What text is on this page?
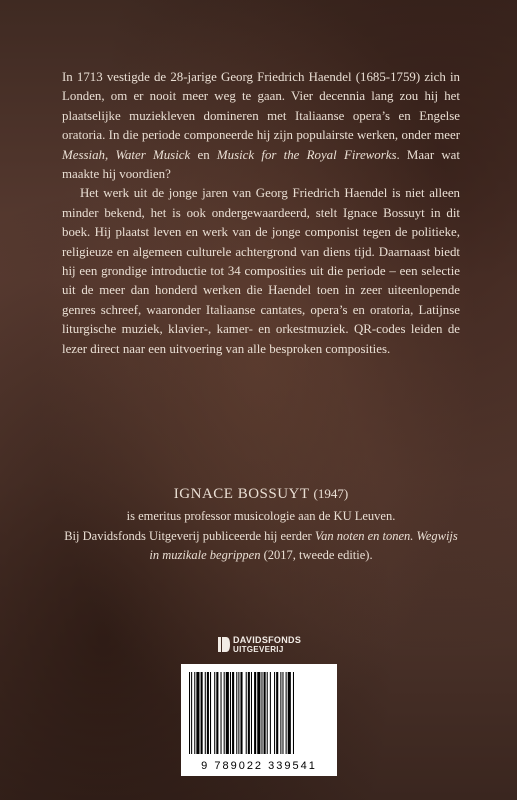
In 1713 vestigde de 28-jarige Georg Friedrich Haendel (1685-1759) zich in Londen, om er nooit meer weg te gaan. Vier decennia lang zou hij het plaatselijke muziekleven domineren met Italiaanse opera’s en Engelse oratoria. In die periode componeerde hij zijn populairste werken, onder meer Messiah, Water Musick en Musick for the Royal Fireworks. Maar wat maakte hij voordien?

Het werk uit de jonge jaren van Georg Friedrich Haendel is niet alleen minder bekend, het is ook ondergewaardeerd, stelt Ignace Bossuyt in dit boek. Hij plaatst leven en werk van de jonge componist tegen de politieke, religieuze en algemeen culturele achtergrond van diens tijd. Daarnaast biedt hij een grondige introductie tot 34 composities uit die periode – een selectie uit de meer dan honderd werken die Haendel toen in zeer uiteenlopende genres schreef, waaronder Italiaanse cantates, opera’s en oratoria, Latijnse liturgische muziek, klavier-, kamer- en orkestmuziek. QR-codes leiden de lezer direct naar een uitvoering van alle besproken composities.

IGNACE BOSSUYT (1947)

is emeritus professor musicologie aan de KU Leuven.

Bij Davidsfonds Uitgeverij publiceerde hij eerder Van noten en tonen. Wegwijs in muzikale begrippen (2017, tweede editie).

DAVIDSFONDS
UITGEVERIJ
9 789022 339541
